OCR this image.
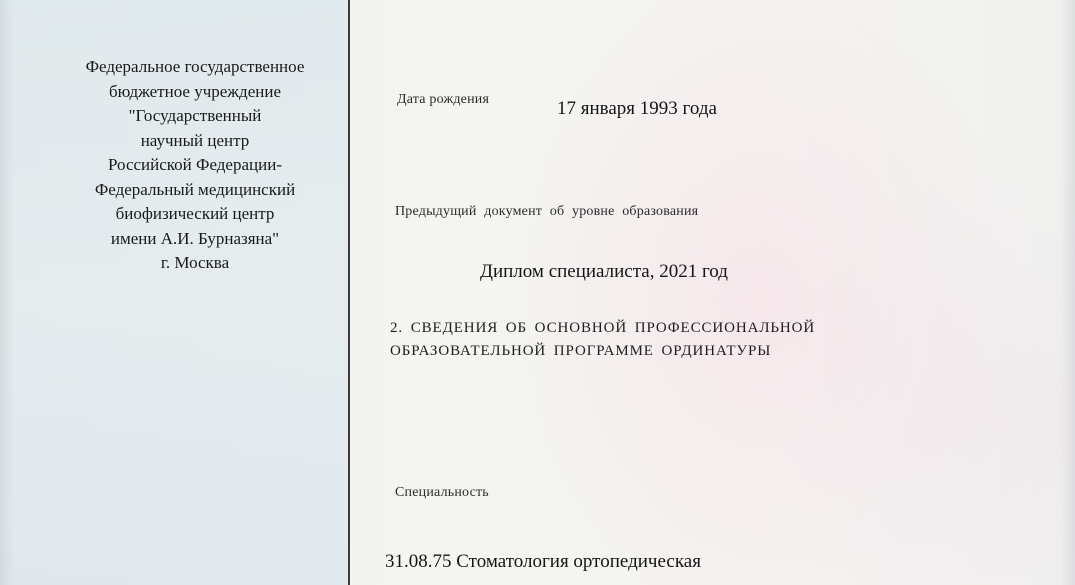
Федеральное государственное
бюджетное учреждение
"Государственный
научный центр
Российской Федерации-
Федеральный медицинский
биофизический центр
имени А.И. Бурназяна"
г. Москва
Дата рождения	17 января 1993 года
Предыдущий документ об уровне образования
Диплом специалиста, 2021 год
2. СВЕДЕНИЯ ОБ ОСНОВНОЙ ПРОФЕССИОНАЛЬНОЙ
ОБРАЗОВАТЕЛЬНОЙ ПРОГРАММЕ ОРДИНАТУРЫ
Специальность
31.08.75 Стоматология ортопедическая
